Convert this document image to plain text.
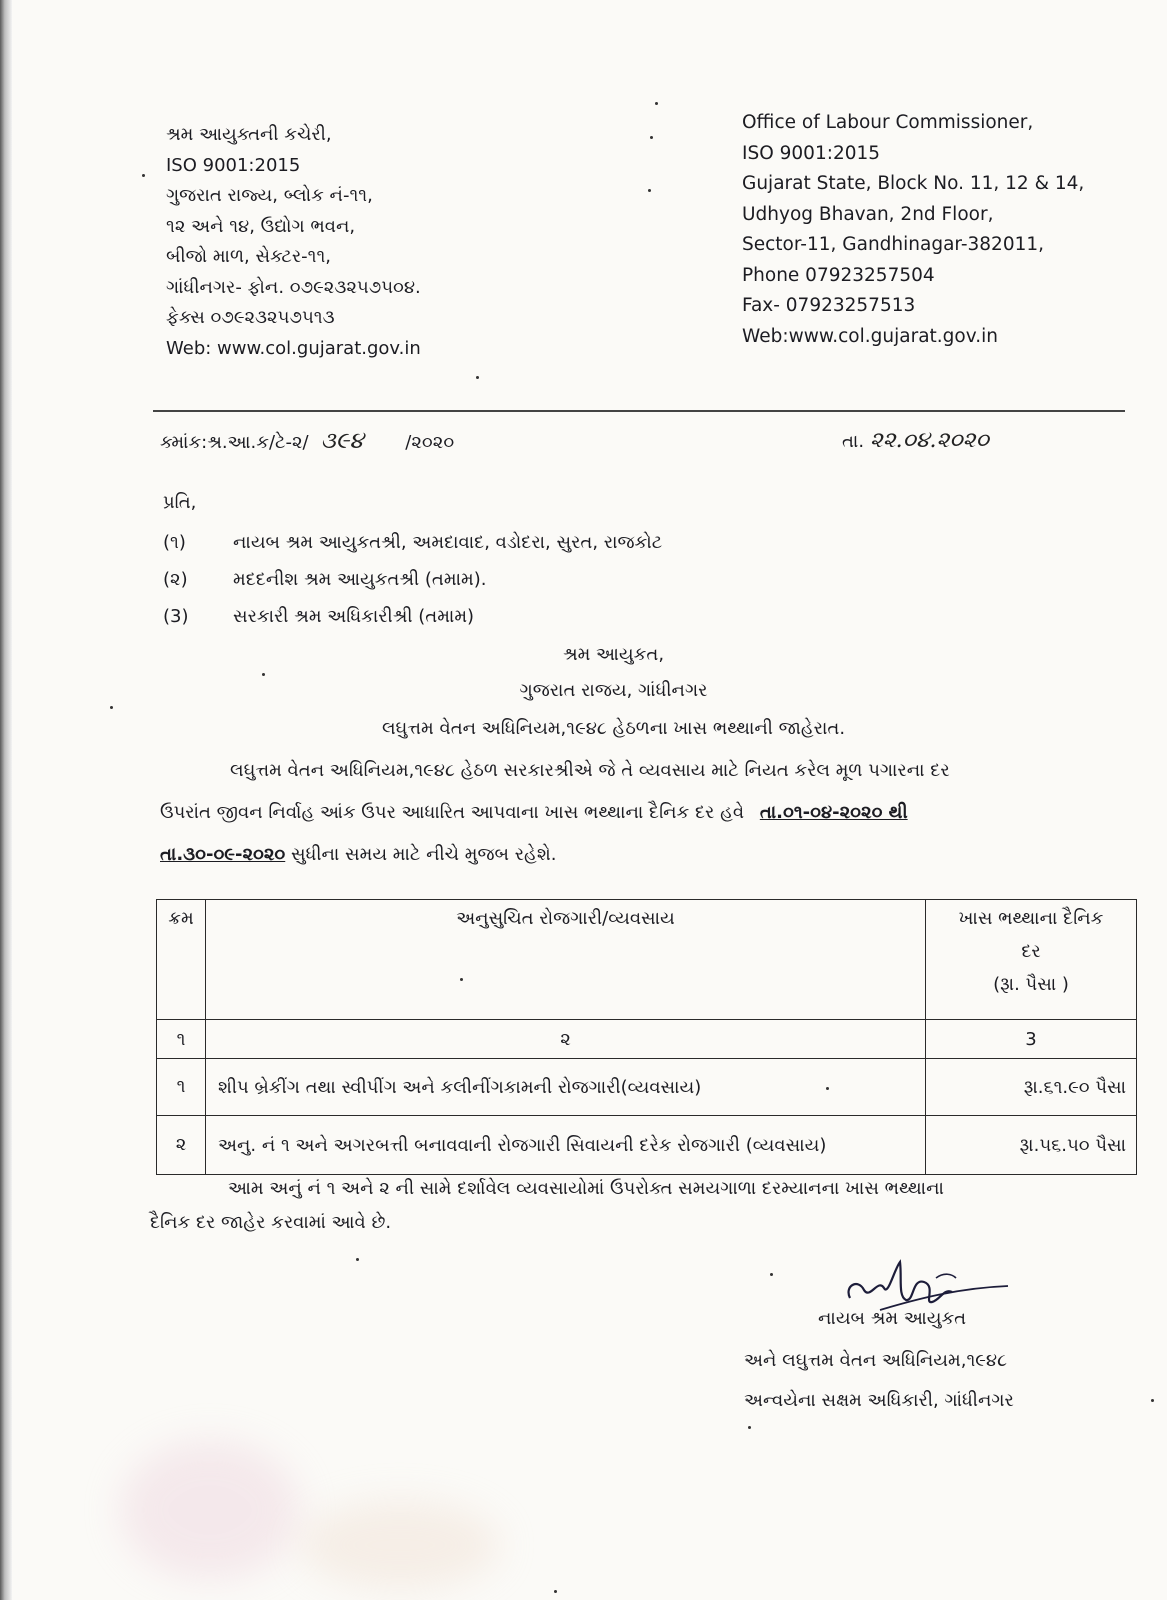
શ્રમ આયુક્તની કચેરી,
ISO 9001:2015
ગુજરાત રાજ્ય, બ્લોક નં-૧૧,
૧૨ અને ૧૪, ઉદ્યોગ ભવન,
બીજો માળ, સેક્ટર-૧૧,
ગાંધીનગર- ફોન. ૦૭૯૨૩૨૫૭૫૦૪.
ફેક્સ ૦૭૯૨૩૨૫૭૫૧૩
Web: www.col.gujarat.gov.in
Office of Labour Commissioner,
ISO 9001:2015
Gujarat State, Block No. 11, 12 & 14,
Udhyog Bhavan, 2nd Floor,
Sector-11, Gandhinagar-382011,
Phone 07923257504
Fax- 07923257513
Web:www.col.gujarat.gov.in
ક્માંક:શ્ર.આ.ક/ટે-૨/ ૩૯૪ /૨૦૨૦	તા. ૨૨.૦૪.૨૦૨૦
પ્રતિ,
(૧)	નાયબ શ્રમ આયુકતશ્રી, અમદાવાદ, વડોદરા, સુરત, રાજકોટ
(૨)	મદદનીશ શ્રમ આયુકતશ્રી (તમામ).
(3) સરકારી શ્રમ અધિકારીશ્રી (તમામ)
શ્રમ આયુકત,
ગુજરાત રાજય, ગાંધીનગર
લઘુત્તમ વેતન અધિનિયમ,૧૯૪૮ હેઠળના ખાસ ભથ્થાની જાહેરાત.
લઘુત્તમ વેતન અધિનિયમ,૧૯૪૮ હેઠળ સરકારશ્રીએ જે તે વ્યવસાય માટે નિયત કરેલ મૂળ પગારના દર
ઉપરાંત જીવન નિર્વાહ આંક ઉપર આધારિત આપવાના ખાસ ભથ્થાના દૈનિક દર હવે તા.૦૧-૦૪-૨૦૨૦ થી
તા.૩૦-૦૯-૨૦૨૦ સુધીના સમય માટે નીચે મુજબ રહેશે.
ક્રમ	અનુસુચિત રોજગારી/વ્યવસાય	ખાસ ભથ્થાના દૈનિક
દર
(રૂા. પૈસા )

૧	૨	3
૧	શીપ બ્રેકીંગ તથા સ્વીપીંગ અને કલીનીંગકામની રોજગારી(વ્યવસાય)	રૂા.૬૧.૯૦ પૈસા
૨	અનુ. નં ૧ અને અગરબત્તી બનાવવાની રોજગારી સિવાયની દરેક રોજગારી (વ્યવસાય)	રૂા.૫૬.૫૦ પૈસા
આમ અનું નં ૧ અને ૨ ની સામે દર્શાવેલ વ્યવસાયોમાં ઉપરોક્ત સમયગાળા દરમ્યાનના ખાસ ભથ્થાના
દૈનિક દર જાહેર કરવામાં આવે છે.
નાયબ શ્રમ આયુકત
અને લઘુત્તમ વેતન અધિનિયમ,૧૯૪૮
અન્વયેના સક્ષમ અધિકારી, ગાંધીનગર
